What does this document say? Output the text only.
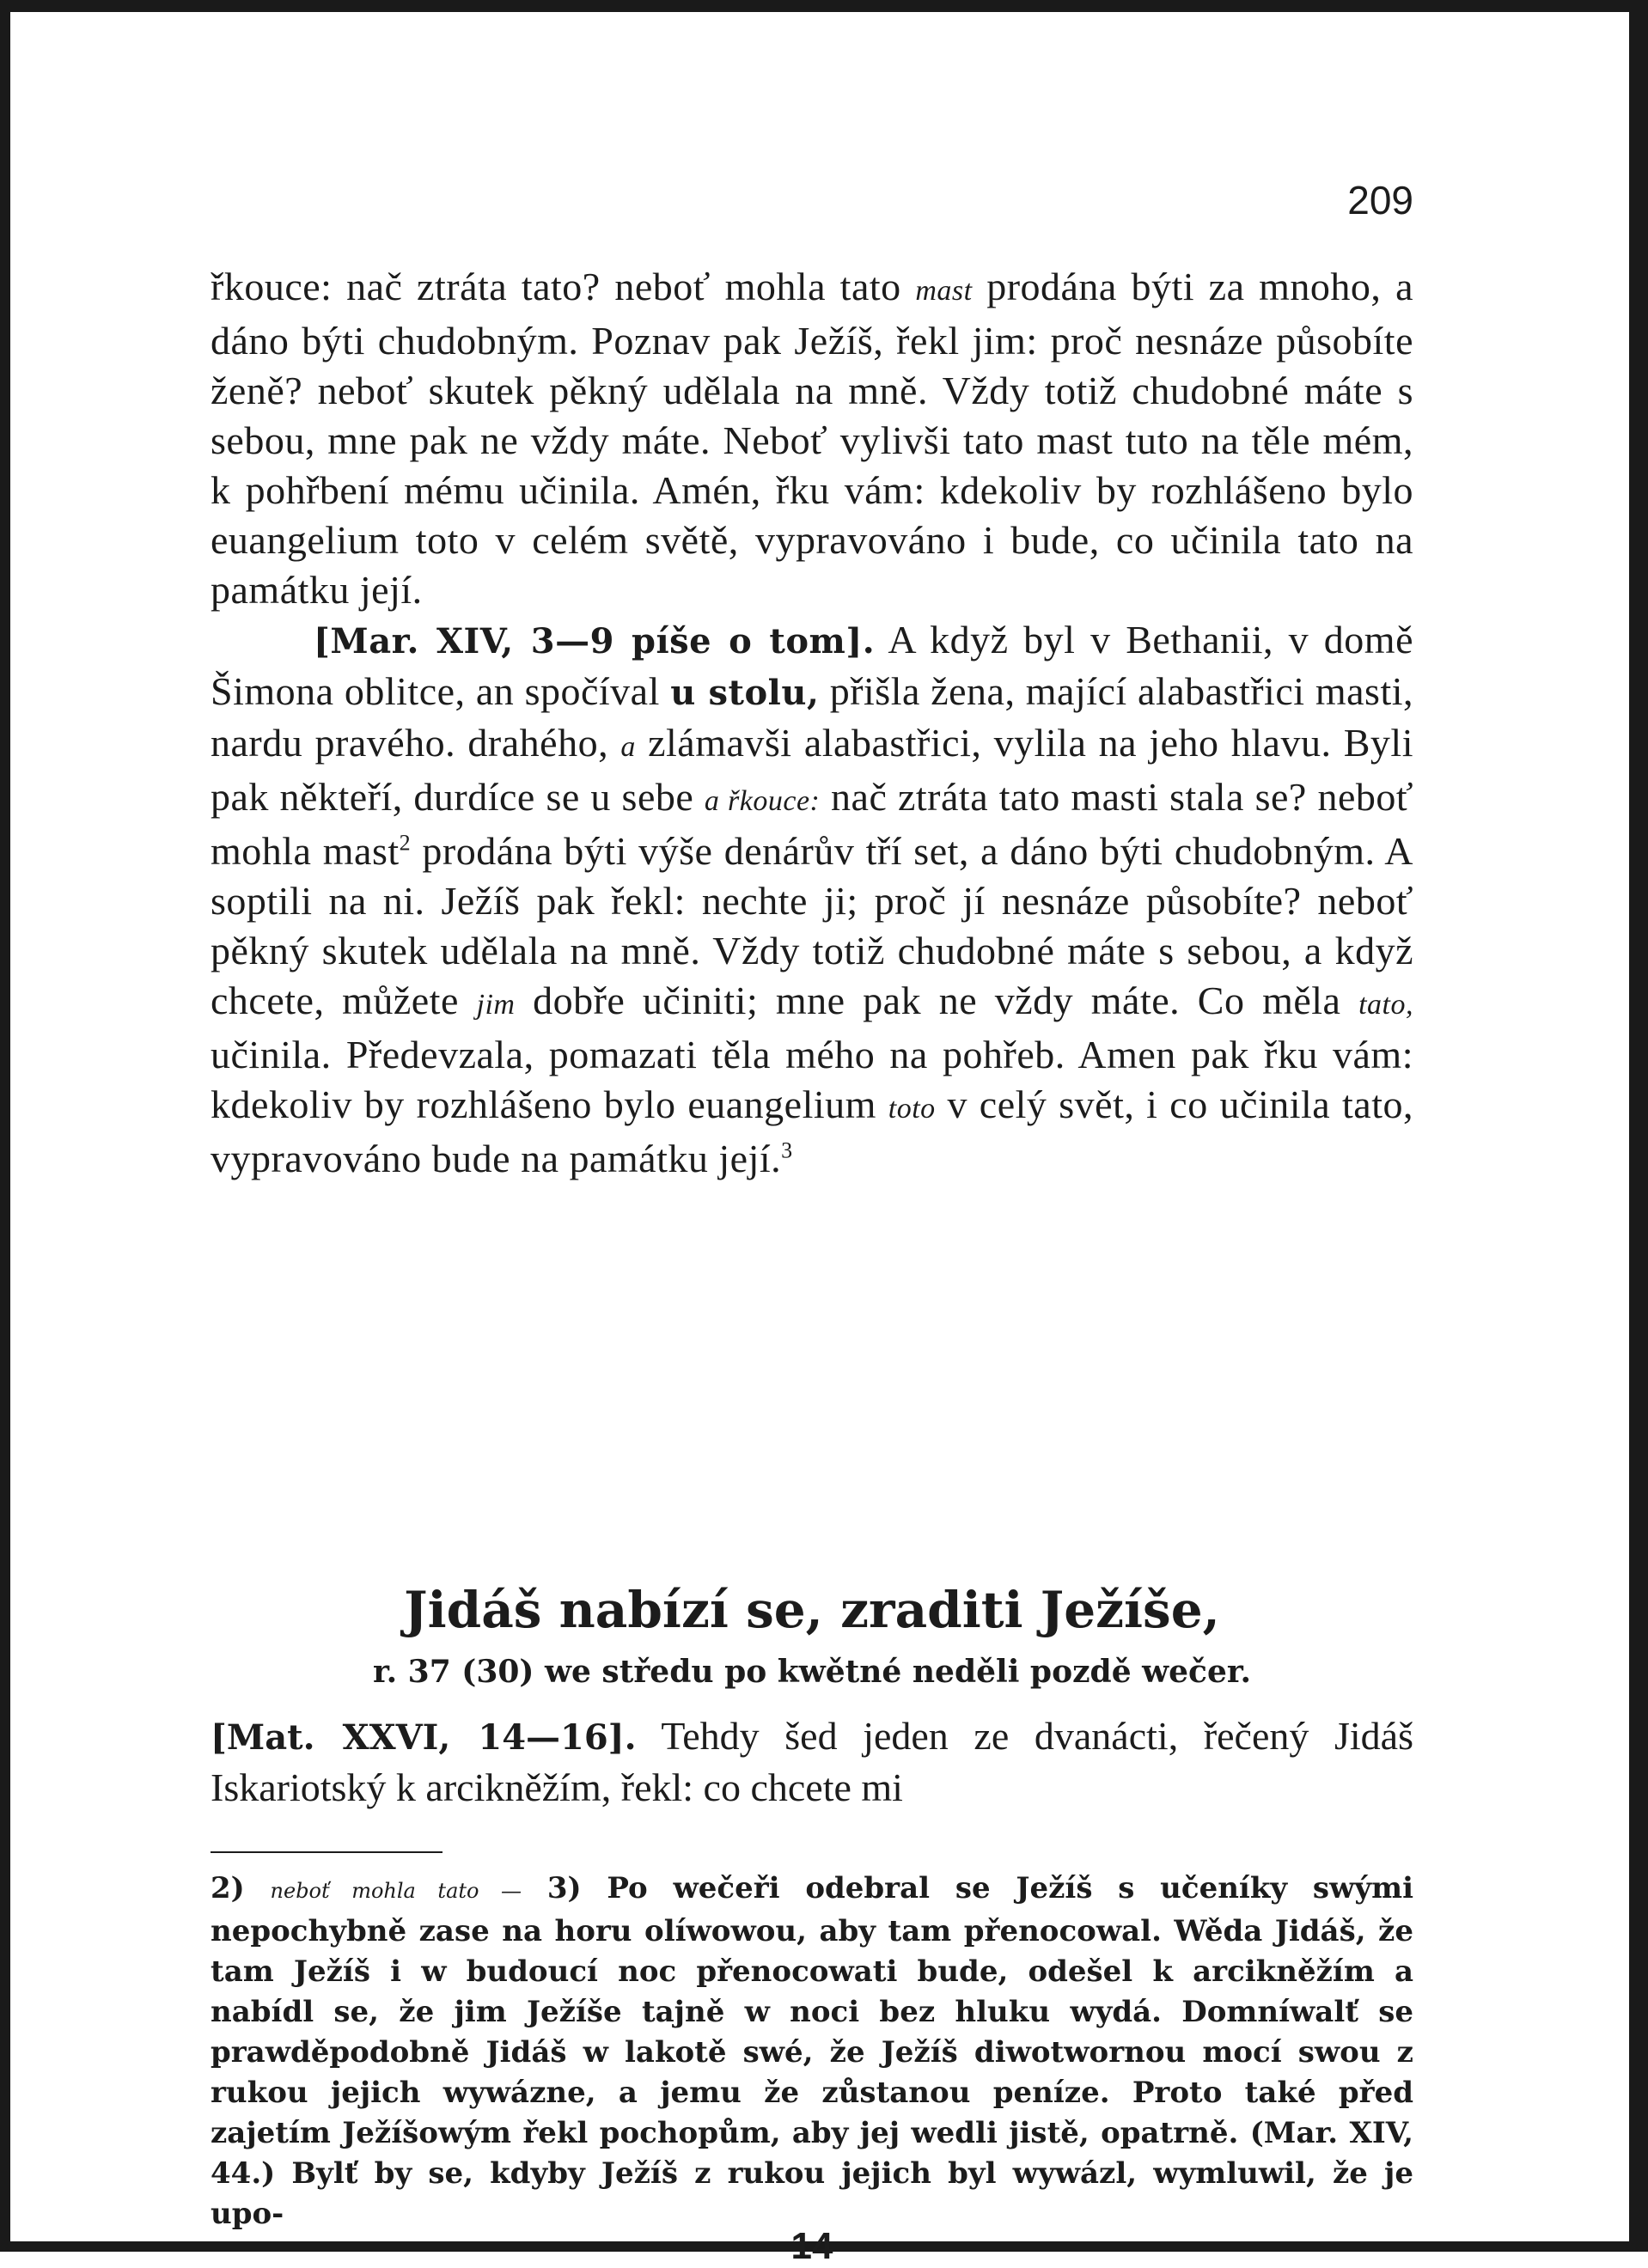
209

řkouce: nač ztráta tato? neboť mohla tato mast prodána býti za mnoho, a dáno býti chudobným. Poznav pak Ježíš, řekl jim: proč nesnáze působíte ženě? neboť skutek pěkný udělala na mně. Vždy totiž chudobné máte s sebou, mne pak ne vždy máte. Neboť vylivši tato mast tuto na těle mém, k pohřbení mému učinila. Amén, řku vám: kdekoliv by rozhlášeno bylo euangelium toto v celém světě, vypravováno i bude, co učinila tato na památku její.

[Mar. XIV, 3—9 píše o tom]. A když byl v Bethanii, v domě Šimona oblitce, an spočíval u stolu, přišla žena, mající alabastřici masti, nardu pravého. drahého, a zlámavši alabastřici, vylila na jeho hlavu. Byli pak někteří, durdíce se u sebe a řkouce: nač ztráta tato masti stala se? neboť mohla mast$^2$ prodána býti výše denárův tří set, a dáno býti chudobným. A soptili na ni. Ježíš pak řekl: nechte ji; proč jí nesnáze působíte? neboť pěkný skutek udělala na mně. Vždy totiž chudobné máte s sebou, a když chcete, můžete jim dobře učiniti; mne pak ne vždy máte. Co měla tato, učinila. Předevzala, pomazati těla mého na pohřeb. Amen pak řku vám: kdekoliv by rozhlášeno bylo euangelium toto v celý svět, i co učinila tato, vypravováno bude na památku její.$^3$

Jidáš nabízí se, zraditi Ježíše,
r. 37 (30) we středu po kwětné neděli pozdě wečer.

[Mat. XXVI, 14—16]. Tehdy šed jeden ze dvanácti, řečený Jidáš Iskariotský k arcikněžím, řekl: co chcete mi

2) neboť mohla tato — 3) Po wečeři odebral se Ježíš s učeníky swými nepochybně zase na horu olíwowou, aby tam přenocowal. Wěda Jidáš, že tam Ježíš i w budoucí noc přenocowati bude, odešel k arcikněžím a nabídl se, že jim Ježíše tajně w noci bez hluku wydá. Domníwalť se prawděpodobně Jidáš w lakotě swé, že Ježíš diwotwornou mocí swou z rukou jejich wywázne, a jemu že zůstanou peníze. Proto také před zajetím Ježíšowým řekl pochopům, aby jej wedli jistě, opatrně. (Mar. XIV, 44.) Bylť by se, kdyby Ježíš z rukou jejich byl wywázl, wymluwil, že je upo-

14
